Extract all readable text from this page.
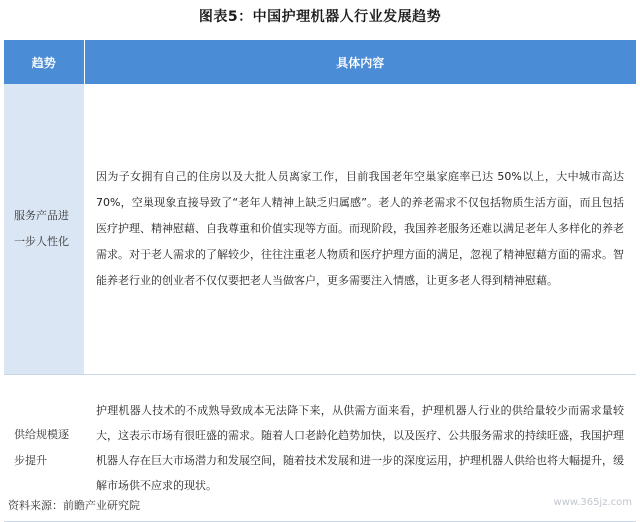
图表5：中国护理机器人行业发展趋势
趋势	具体内容
服务产品进一步人性化	因为子女拥有自己的住房以及大批人员离家工作，目前我国老年空巢家庭率已达 50%以上，大中城市高达 70%，空巢现象直接导致了“老年人精神上缺乏归属感”。老人的养老需求不仅包括物质生活方面，而且包括医疗护理、精神慰藉、自我尊重和价值实现等方面。而现阶段，我国养老服务还难以满足老年人多样化的养老需求。对于老人需求的了解较少，往往注重老人物质和医疗护理方面的满足，忽视了精神慰藉方面的需求。智能养老行业的创业者不仅仅要把老人当做客户，更多需要注入情感，让更多老人得到精神慰藉。
供给规模逐步提升	护理机器人技术的不成熟导致成本无法降下来，从供需方面来看，护理机器人行业的供给量较少而需求量较大，这表示市场有很旺盛的需求。随着人口老龄化趋势加快，以及医疗、公共服务需求的持续旺盛，我国护理机器人存在巨大市场潜力和发展空间，随着技术发展和进一步的深度运用，护理机器人供给也将大幅提升，缓解市场供不应求的现状。
资料来源：前瞻产业研究院	www.365jz.com
